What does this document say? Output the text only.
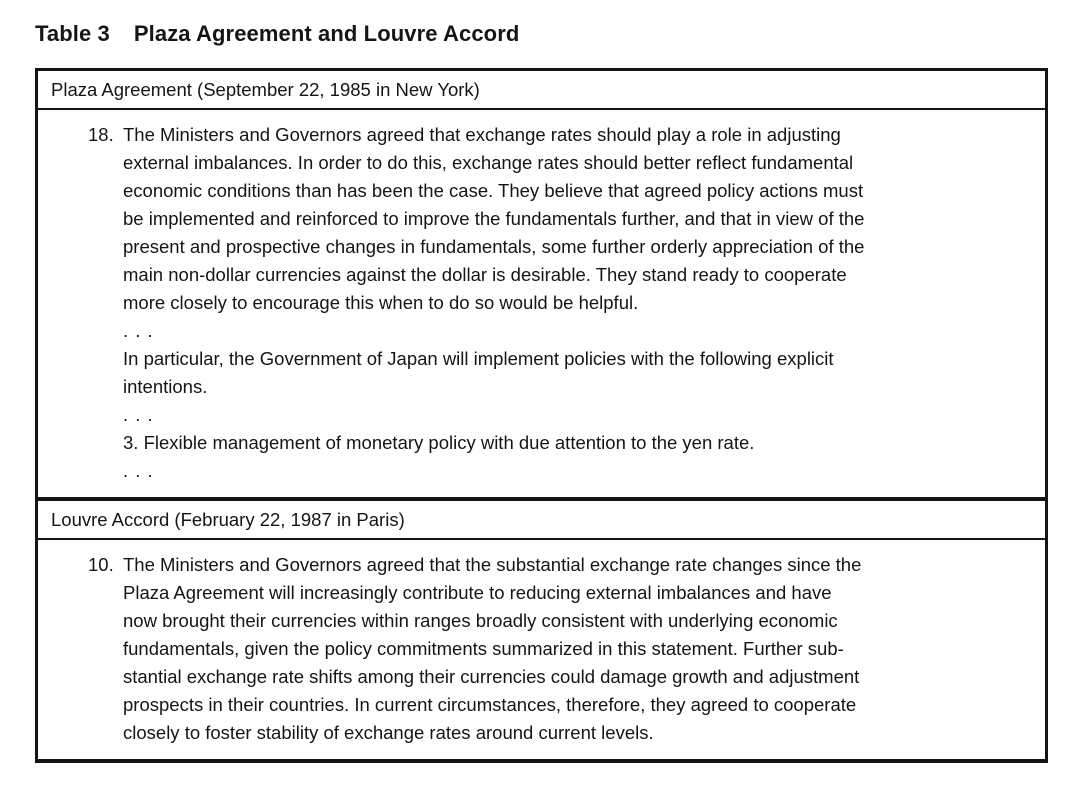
Table 3 Plaza Agreement and Louvre Accord
Plaza Agreement (September 22, 1985 in New York)
18. The Ministers and Governors agreed that exchange rates should play a role in adjusting
external imbalances. In order to do this, exchange rates should better reflect fundamental
economic conditions than has been the case. They believe that agreed policy actions must
be implemented and reinforced to improve the fundamentals further, and that in view of the
present and prospective changes in fundamentals, some further orderly appreciation of the
main non-dollar currencies against the dollar is desirable. They stand ready to cooperate
more closely to encourage this when to do so would be helpful.
. . .
In particular, the Government of Japan will implement policies with the following explicit
intentions.
. . .
3. Flexible management of monetary policy with due attention to the yen rate.
. . .
Louvre Accord (February 22, 1987 in Paris)
10. The Ministers and Governors agreed that the substantial exchange rate changes since the
Plaza Agreement will increasingly contribute to reducing external imbalances and have
now brought their currencies within ranges broadly consistent with underlying economic
fundamentals, given the policy commitments summarized in this statement. Further sub-
stantial exchange rate shifts among their currencies could damage growth and adjustment
prospects in their countries. In current circumstances, therefore, they agreed to cooperate
closely to foster stability of exchange rates around current levels.
